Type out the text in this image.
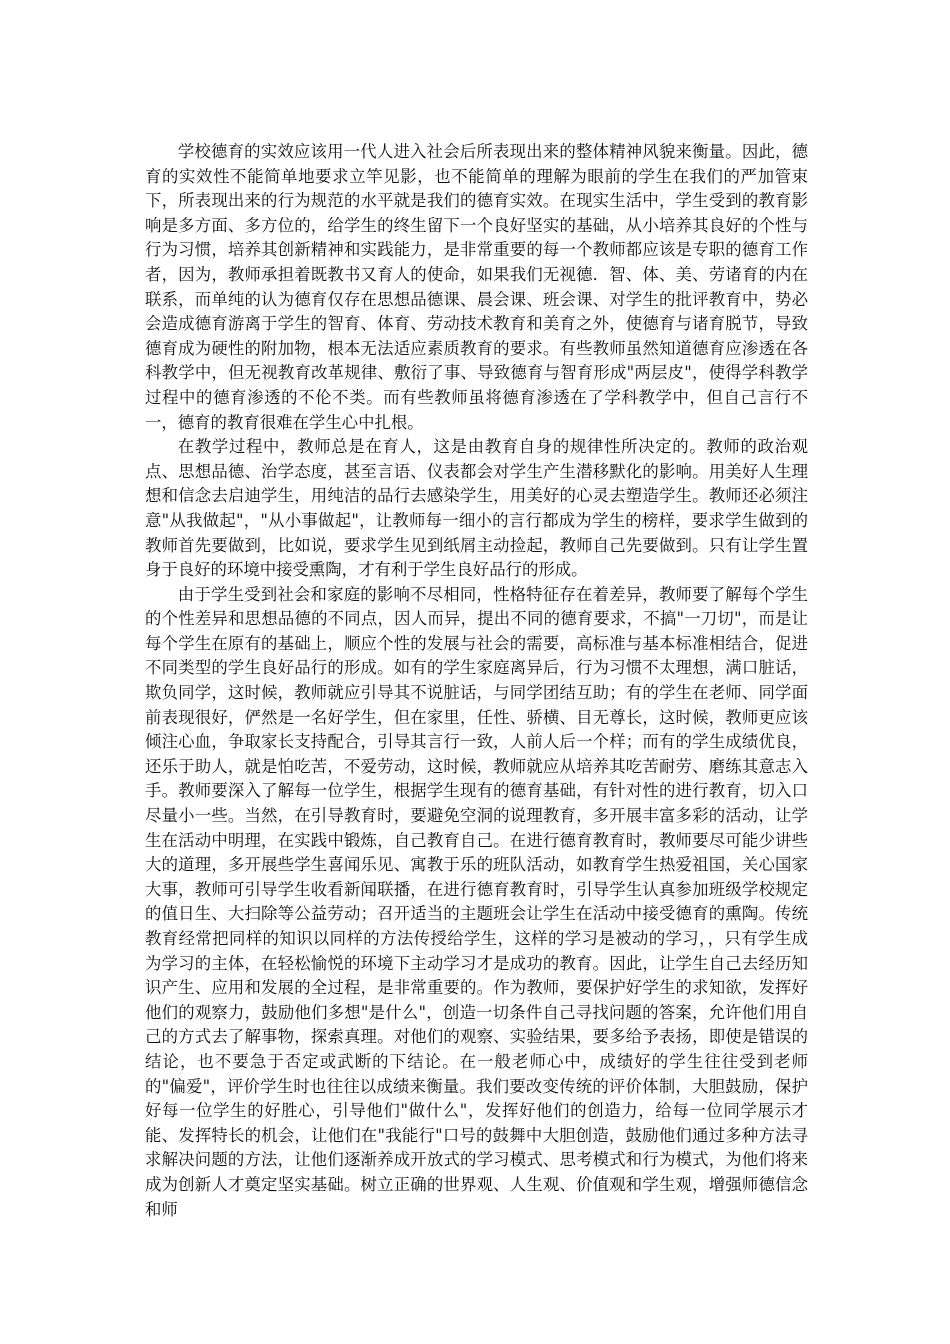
学校德育的实效应该用一代人进入社会后所表现出来的整体精神风貌来衡量。因此，德育的实效性不能简单地要求立竿见影，也不能简单的理解为眼前的学生在我们的严加管束下，所表现出来的行为规范的水平就是我们的德育实效。在现实生活中，学生受到的教育影响是多方面、多方位的，给学生的终生留下一个良好坚实的基础，从小培养其良好的个性与行为习惯，培养其创新精神和实践能力，是非常重要的每一个教师都应该是专职的德育工作者，因为，教师承担着既教书又育人的使命，如果我们无视德．智、体、美、劳诸育的内在联系，而单纯的认为德育仅存在思想品德课、晨会课、班会课、对学生的批评教育中，势必会造成德育游离于学生的智育、体育、劳动技术教育和美育之外，使德育与诸育脱节，导致德育成为硬性的附加物，根本无法适应素质教育的要求。有些教师虽然知道德育应渗透在各科教学中，但无视教育改革规律、敷衍了事、导致德育与智育形成"两层皮"，使得学科教学过程中的德育渗透的不伦不类。而有些教师虽将德育渗透在了学科教学中，但自己言行不一，德育的教育很难在学生心中扎根。

在教学过程中，教师总是在育人，这是由教育自身的规律性所决定的。教师的政治观点、思想品德、治学态度，甚至言语、仪表都会对学生产生潜移默化的影响。用美好人生理想和信念去启迪学生，用纯洁的品行去感染学生，用美好的心灵去塑造学生。教师还必须注意"从我做起"，"从小事做起"，让教师每一细小的言行都成为学生的榜样，要求学生做到的教师首先要做到，比如说，要求学生见到纸屑主动捡起，教师自己先要做到。只有让学生置身于良好的环境中接受熏陶，才有利于学生良好品行的形成。

由于学生受到社会和家庭的影响不尽相同，性格特征存在着差异，教师要了解每个学生的个性差异和思想品德的不同点，因人而异，提出不同的德育要求，不搞"一刀切"，而是让每个学生在原有的基础上，顺应个性的发展与社会的需要，高标准与基本标准相结合，促进不同类型的学生良好品行的形成。如有的学生家庭离异后，行为习惯不太理想，满口脏话，欺负同学，这时候，教师就应引导其不说脏话，与同学团结互助；有的学生在老师、同学面前表现很好，俨然是一名好学生，但在家里，任性、骄横、目无尊长，这时候，教师更应该倾注心血，争取家长支持配合，引导其言行一致，人前人后一个样；而有的学生成绩优良，还乐于助人，就是怕吃苦，不爱劳动，这时候，教师就应从培养其吃苦耐劳、磨练其意志入手。教师要深入了解每一位学生，根据学生现有的德育基础，有针对性的进行教育，切入口尽量小一些。当然，在引导教育时，要避免空洞的说理教育，多开展丰富多彩的活动，让学生在活动中明理，在实践中锻炼，自己教育自己。在进行德育教育时，教师要尽可能少讲些大的道理，多开展些学生喜闻乐见、寓教于乐的班队活动，如教育学生热爱祖国，关心国家大事，教师可引导学生收看新闻联播，在进行德育教育时，引导学生认真参加班级学校规定的值日生、大扫除等公益劳动；召开适当的主题班会让学生在活动中接受德育的熏陶。传统教育经常把同样的知识以同样的方法传授给学生，这样的学习是被动的学习，，只有学生成为学习的主体，在轻松愉悦的环境下主动学习才是成功的教育。因此，让学生自己去经历知识产生、应用和发展的全过程，是非常重要的。作为教师，要保护好学生的求知欲，发挥好他们的观察力，鼓励他们多想"是什么"，创造一切条件自己寻找问题的答案，允许他们用自己的方式去了解事物，探索真理。对他们的观察、实验结果，要多给予表扬，即使是错误的结论，也不要急于否定或武断的下结论。在一般老师心中，成绩好的学生往往受到老师的"偏爱"，评价学生时也往往以成绩来衡量。我们要改变传统的评价体制，大胆鼓励，保护好每一位学生的好胜心，引导他们"做什么"，发挥好他们的创造力，给每一位同学展示才能、发挥特长的机会，让他们在"我能行"口号的鼓舞中大胆创造，鼓励他们通过多种方法寻求解决问题的方法，让他们逐渐养成开放式的学习模式、思考模式和行为模式，为他们将来成为创新人才奠定坚实基础。树立正确的世界观、人生观、价值观和学生观，增强师德信念和师
